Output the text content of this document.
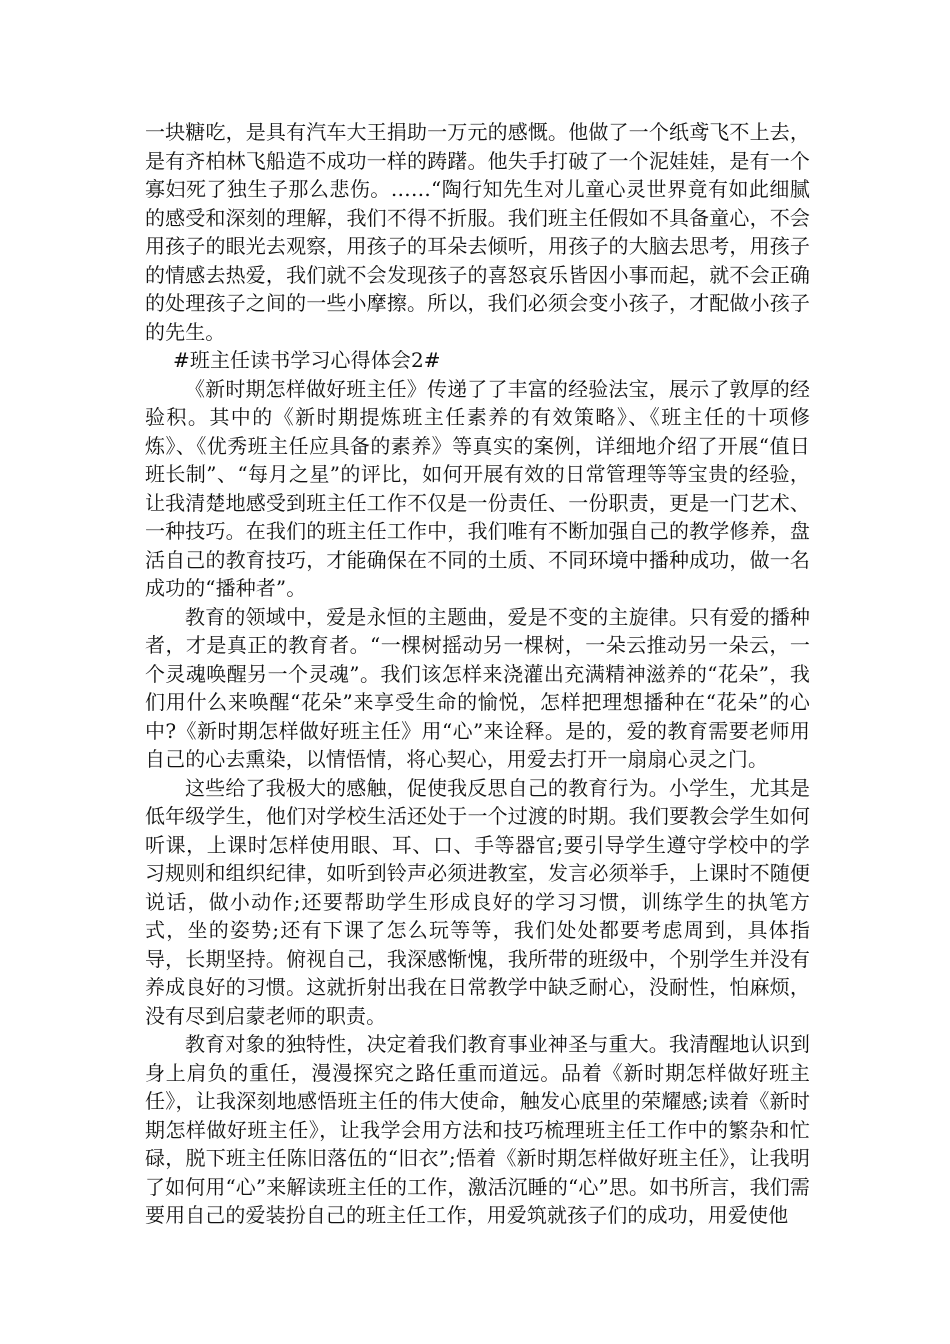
一块糖吃，是具有汽车大王捐助一万元的感慨。他做了一个纸鸢飞不上去，是有齐柏林飞船造不成功一样的踌躇。他失手打破了一个泥娃娃，是有一个寡妇死了独生子那么悲伤。……“陶行知先生对儿童心灵世界竟有如此细腻的感受和深刻的理解，我们不得不折服。我们班主任假如不具备童心，不会用孩子的眼光去观察，用孩子的耳朵去倾听，用孩子的大脑去思考，用孩子的情感去热爱，我们就不会发现孩子的喜怒哀乐皆因小事而起，就不会正确的处理孩子之间的一些小摩擦。所以，我们必须会变小孩子，才配做小孩子的先生。

#班主任读书学习心得体会2#

《新时期怎样做好班主任》传递了了丰富的经验法宝，展示了敦厚的经验积。其中的《新时期提炼班主任素养的有效策略》、《班主任的十项修炼》、《优秀班主任应具备的素养》等真实的案例，详细地介绍了开展“值日班长制”、“每月之星”的评比，如何开展有效的日常管理等等宝贵的经验，让我清楚地感受到班主任工作不仅是一份责任、一份职责，更是一门艺术、一种技巧。在我们的班主任工作中，我们唯有不断加强自己的教学修养，盘活自己的教育技巧，才能确保在不同的土质、不同环境中播种成功，做一名成功的“播种者”。

教育的领域中，爱是永恒的主题曲，爱是不变的主旋律。只有爱的播种者，才是真正的教育者。“一棵树摇动另一棵树，一朵云推动另一朵云，一个灵魂唤醒另一个灵魂”。我们该怎样来浇灌出充满精神滋养的“花朵”，我们用什么来唤醒“花朵”来享受生命的愉悦，怎样把理想播种在“花朵”的心中?《新时期怎样做好班主任》用“心”来诠释。是的，爱的教育需要老师用自己的心去熏染，以情悟情，将心契心，用爱去打开一扇扇心灵之门。

这些给了我极大的感触，促使我反思自己的教育行为。小学生，尤其是低年级学生，他们对学校生活还处于一个过渡的时期。我们要教会学生如何听课，上课时怎样使用眼、耳、口、手等器官;要引导学生遵守学校中的学习规则和组织纪律，如听到铃声必须进教室，发言必须举手，上课时不随便说话，做小动作;还要帮助学生形成良好的学习习惯，训练学生的执笔方式，坐的姿势;还有下课了怎么玩等等，我们处处都要考虑周到，具体指导，长期坚持。俯视自己，我深感惭愧，我所带的班级中，个别学生并没有养成良好的习惯。这就折射出我在日常教学中缺乏耐心，没耐性，怕麻烦，没有尽到启蒙老师的职责。

教育对象的独特性，决定着我们教育事业神圣与重大。我清醒地认识到身上肩负的重任，漫漫探究之路任重而道远。品着《新时期怎样做好班主任》，让我深刻地感悟班主任的伟大使命，触发心底里的荣耀感;读着《新时期怎样做好班主任》，让我学会用方法和技巧梳理班主任工作中的繁杂和忙碌，脱下班主任陈旧落伍的“旧衣”;悟着《新时期怎样做好班主任》，让我明了如何用“心”来解读班主任的工作，激活沉睡的“心”思。如书所言，我们需要用自己的爱装扮自己的班主任工作，用爱筑就孩子们的成功，用爱使他
